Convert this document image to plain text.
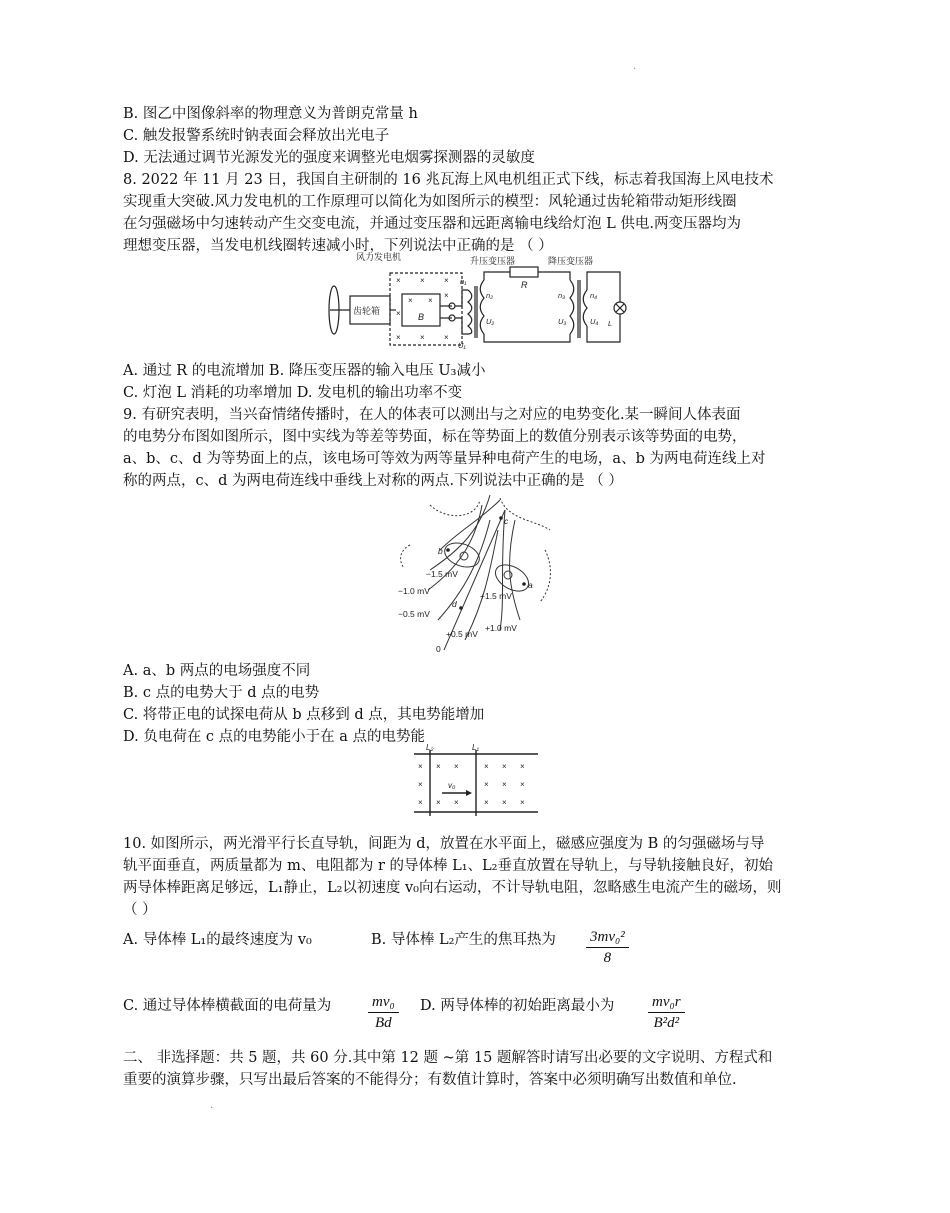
·
B. 图乙中图像斜率的物理意义为普朗克常量 h
C. 触发报警系统时钠表面会释放出光电子
D. 无法通过调节光源发光的强度来调整光电烟雾探测器的灵敏度
8. 2022 年 11 月 23 日，我国自主研制的 16 兆瓦海上风电机组正式下线，标志着我国海上风电技术
实现重大突破.风力发电机的工作原理可以简化为如图所示的模型：风轮通过齿轮箱带动矩形线圈
在匀强磁场中匀速转动产生交变电流，并通过变压器和远距离输电线给灯泡 L 供电.两变压器均为
理想变压器，当发电机线圈转速减小时，下列说法中正确的是 （ ）
× ×
× × ×
× × ×
×
×
风力发电机	升压变压器	降压变压器
齿轮箱
R
B
n₁
n₂	n₃	n₄
U₁
U₂	U₃	U₄ L
A. 通过 R 的电流增加 B. 降压变压器的输入电压 U₃减小
C. 灯泡 L 消耗的功率增加 D. 发电机的输出功率不变
9. 有研究表明，当兴奋情绪传播时，在人的体表可以测出与之对应的电势变化.某一瞬间人体表面
的电势分布图如图所示，图中实线为等差等势面，标在等势面上的数值分别表示该等势面的电势，
a、b、c、d 为等势面上的点，该电场可等效为两等量异种电荷产生的电场，a、b 为两电荷连线上对
称的两点，c、d 为两电荷连线中垂线上对称的两点.下列说法中正确的是 （ ）
−1.5 mV
−1.0 mV
−0.5 mV
+1.5 mV
+1.0 mV
+0.5 mV
0
a
b
c
d
A. a、b 两点的电场强度不同
B. c 点的电势大于 d 点的电势
C. 将带正电的试探电荷从 b 点移到 d 点，其电势能增加
D. 负电荷在 c 点的电势能小于在 a 点的电势能
× × ×	× × ×
×	× × ×
× × ×	× × ×
L₂	L₁
v₀
10. 如图所示，两光滑平行长直导轨，间距为 d，放置在水平面上，磁感应强度为 B 的匀强磁场与导
轨平面垂直，两质量都为 m、电阻都为 r 的导体棒 L₁、L₂垂直放置在导轨上，与导轨接触良好，初始
两导体棒距离足够远，L₁静止，L₂以初速度 v₀向右运动，不计导轨电阻，忽略感生电流产生的磁场，则
（ ）
A. 导体棒 L₁的最终速度为 v₀	B. 导体棒 L₂产生的焦耳热为 $\frac{\text{3mv₀²}}{8}$
C. 通过导体棒横截面的电荷量为 $\frac{\text{mv₀}}{Bd} D$. 两导体棒的初始距离最小为 $\frac{\text{mv₀r}}{\text{B²d²}}$
二、 非选择题：共 5 题，共 60 分.其中第 12 题 ~第 15 题解答时请写出必要的文字说明、方程式和
重要的演算步骤，只写出最后答案的不能得分；有数值计算时，答案中必须明确写出数值和单位.
·
